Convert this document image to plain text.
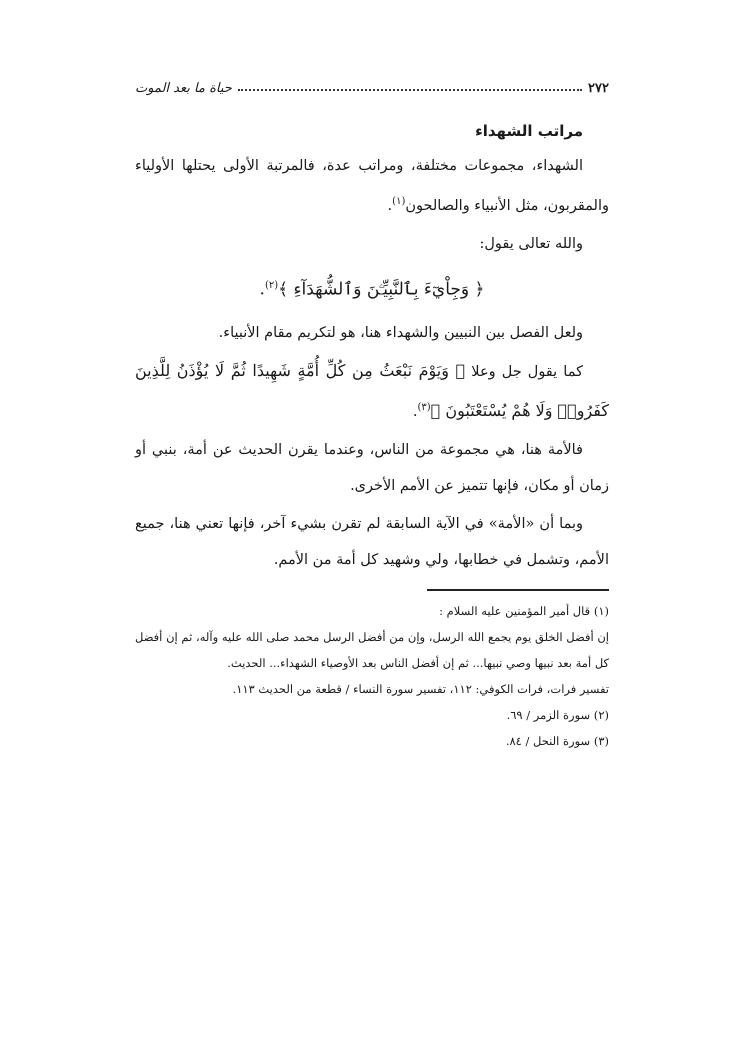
٢٧٢
حياة ما بعد الموت
مراتب الشهداء

الشهداء، مجموعات مختلفة، ومراتب عدة، فالمرتبة الأولى يحتلها الأولياء والمقربون، مثل الأنبياء والصالحون$^{(١)}$.

والله تعالى يقول:

﴿ وَجِاْيٓءَ بِٱلنَّبِيِّـۧنَ وَٱلشُّهَدَآءِ ﴾$^{(٢)}$.

ولعل الفصل بين النبيين والشهداء هنا، هو لتكريم مقام الأنبياء.

كما يقول جل وعلا ﴿ وَيَوْمَ نَبْعَثُ مِن كُلِّ أُمَّةٍ شَهِيدًا ثُمَّ لَا يُؤْذَنُ لِلَّذِينَ كَفَرُوا۟ وَلَا هُمْ يُسْتَعْتَبُونَ ﴾$^{(٣)}$.

فالأمة هنا، هي مجموعة من الناس، وعندما يقرن الحديث عن أمة، بنبي أو زمان أو مكان، فإنها تتميز عن الأمم الأخرى.

وبما أن «الأمة» في الآية السابقة لم تقرن بشيء آخر، فإنها تعني هنا، جميع الأمم، وتشمل في خطابها، ولي وشهيد كل أمة من الأمم.

(١) قال أمير المؤمنين عليه السلام :

إن أفضل الخلق يوم يجمع الله الرسل، وإن من أفضل الرسل محمد صلى الله عليه وآله، ثم إن أفضل كل أمة بعد نبيها وصي نبيها... ثم إن أفضل الناس بعد الأوصياء الشهداء... الحديث.

تفسير فرات، فرات الكوفي: ١١٢، تفسير سورة النساء / قطعة من الحديث ١١٣.

(٢) سورة الزمر / ٦٩.

(٣) سورة النحل / ٨٤.
